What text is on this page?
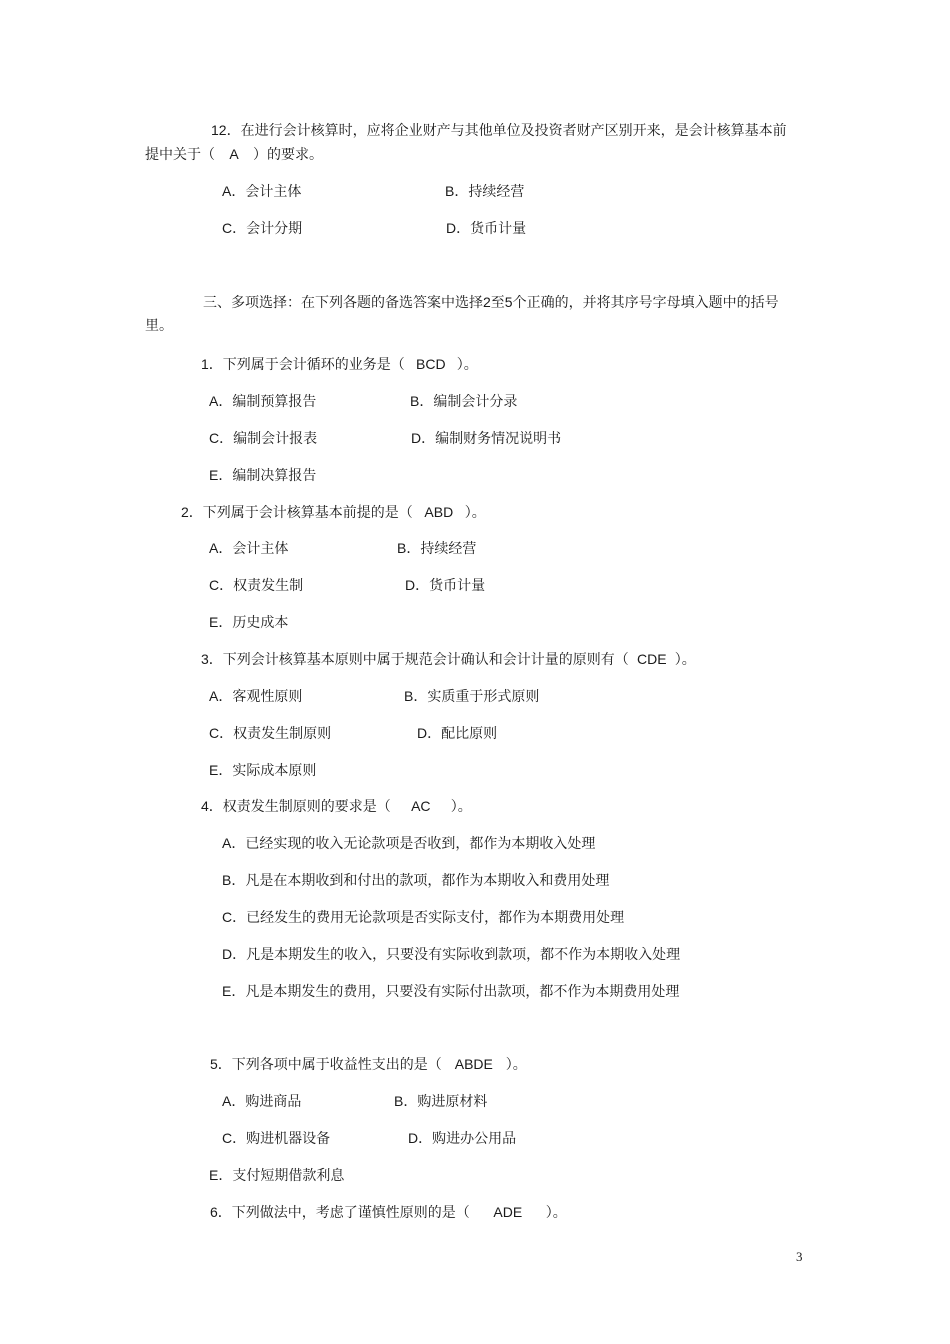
12．在进行会计核算时，应将企业财产与其他单位及投资者财产区别开来，是会计核算基本前
提中关于（ A ）的要求。
A．会计主体	B．持续经营
C．会计分期	D．货币计量
三、多项选择：在下列各题的备选答案中选择2至5个正确的，并将其序号字母填入题中的括号
里。
1．下列属于会计循环的业务是（ BCD ）。
A．编制预算报告	B．编制会计分录
C．编制会计报表	D．编制财务情况说明书
E．编制决算报告
2．下列属于会计核算基本前提的是（ ABD ）。
A．会计主体	B．持续经营
C．权责发生制	D．货币计量
E．历史成本
3．下列会计核算基本原则中属于规范会计确认和会计计量的原则有（ CDE ）。
A．客观性原则	B．实质重于形式原则
C．权责发生制原则	D．配比原则
E．实际成本原则
4．权责发生制原则的要求是（ AC ）。
A．已经实现的收入无论款项是否收到，都作为本期收入处理
B．凡是在本期收到和付出的款项，都作为本期收入和费用处理
C．已经发生的费用无论款项是否实际支付，都作为本期费用处理
D．凡是本期发生的收入，只要没有实际收到款项，都不作为本期收入处理
E．凡是本期发生的费用，只要没有实际付出款项，都不作为本期费用处理
5．下列各项中属于收益性支出的是（ ABDE ）。
A．购进商品	B．购进原材料
C．购进机器设备	D．购进办公用品
E．支付短期借款利息
6．下列做法中，考虑了谨慎性原则的是（ ADE ）。
3
